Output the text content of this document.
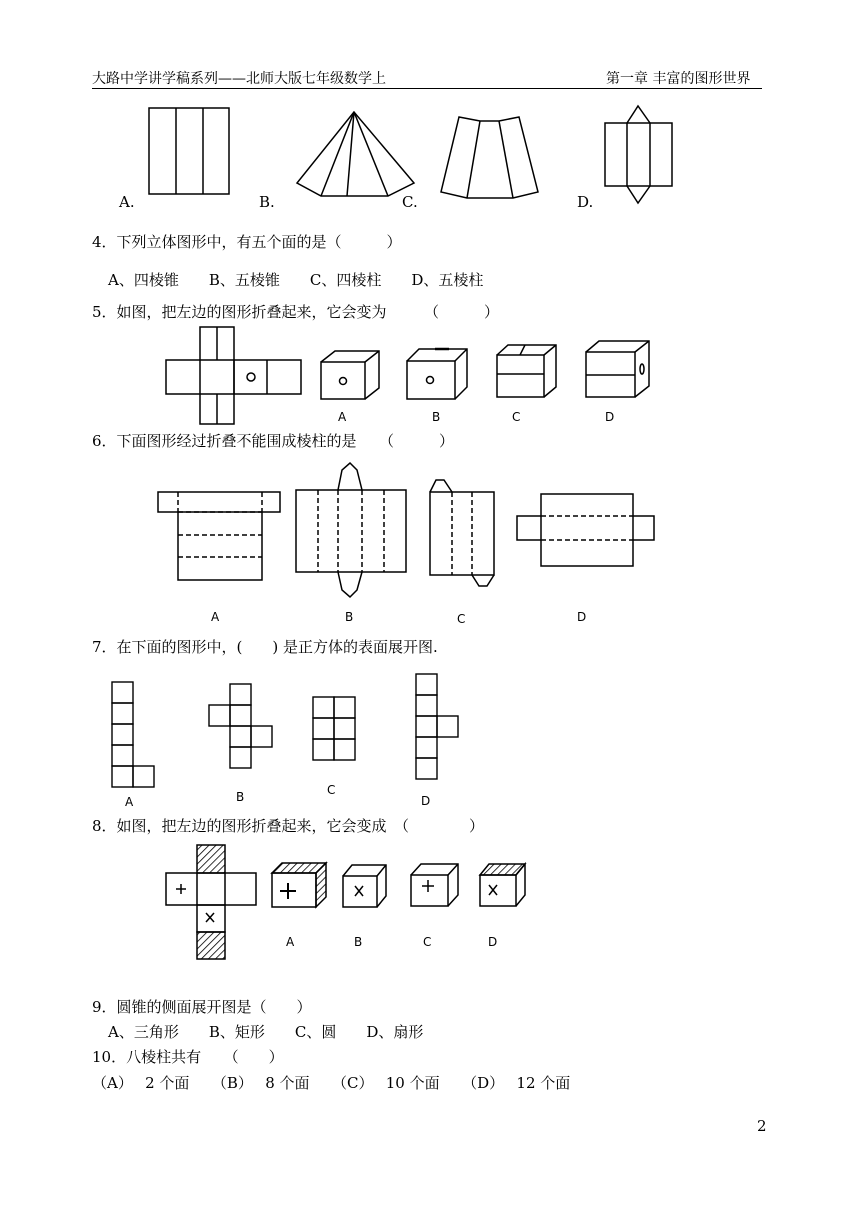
大路中学讲学稿系列——北师大版七年级数学上	第一章 丰富的图形世界
A.	B.	C.	D.
4．下列立体图形中，有五个面的是（　　　）
A、四棱锥　　B、五棱锥　　C、四棱柱　　D、五棱柱
5．如图，把左边的图形折叠起来，它会变为　　　（　　　）
A	B	C	D
6．下面图形经过折叠不能围成棱柱的是　　（　　　）
A	B	C	D
7．在下面的图形中，(　　) 是正方体的表面展开图.
A	B	C
D
8．如图，把左边的图形折叠起来，它会变成　（　　　　）
A	B	C	D
9．圆锥的侧面展开图是（　　）
A、三角形　　B、矩形　　C、圆　　D、扇形
10．八棱柱共有　　（　　）
（A）　 2 个面　　（B）　 8 个面　　（C）　 10 个面　　（D）　 12 个面
2
